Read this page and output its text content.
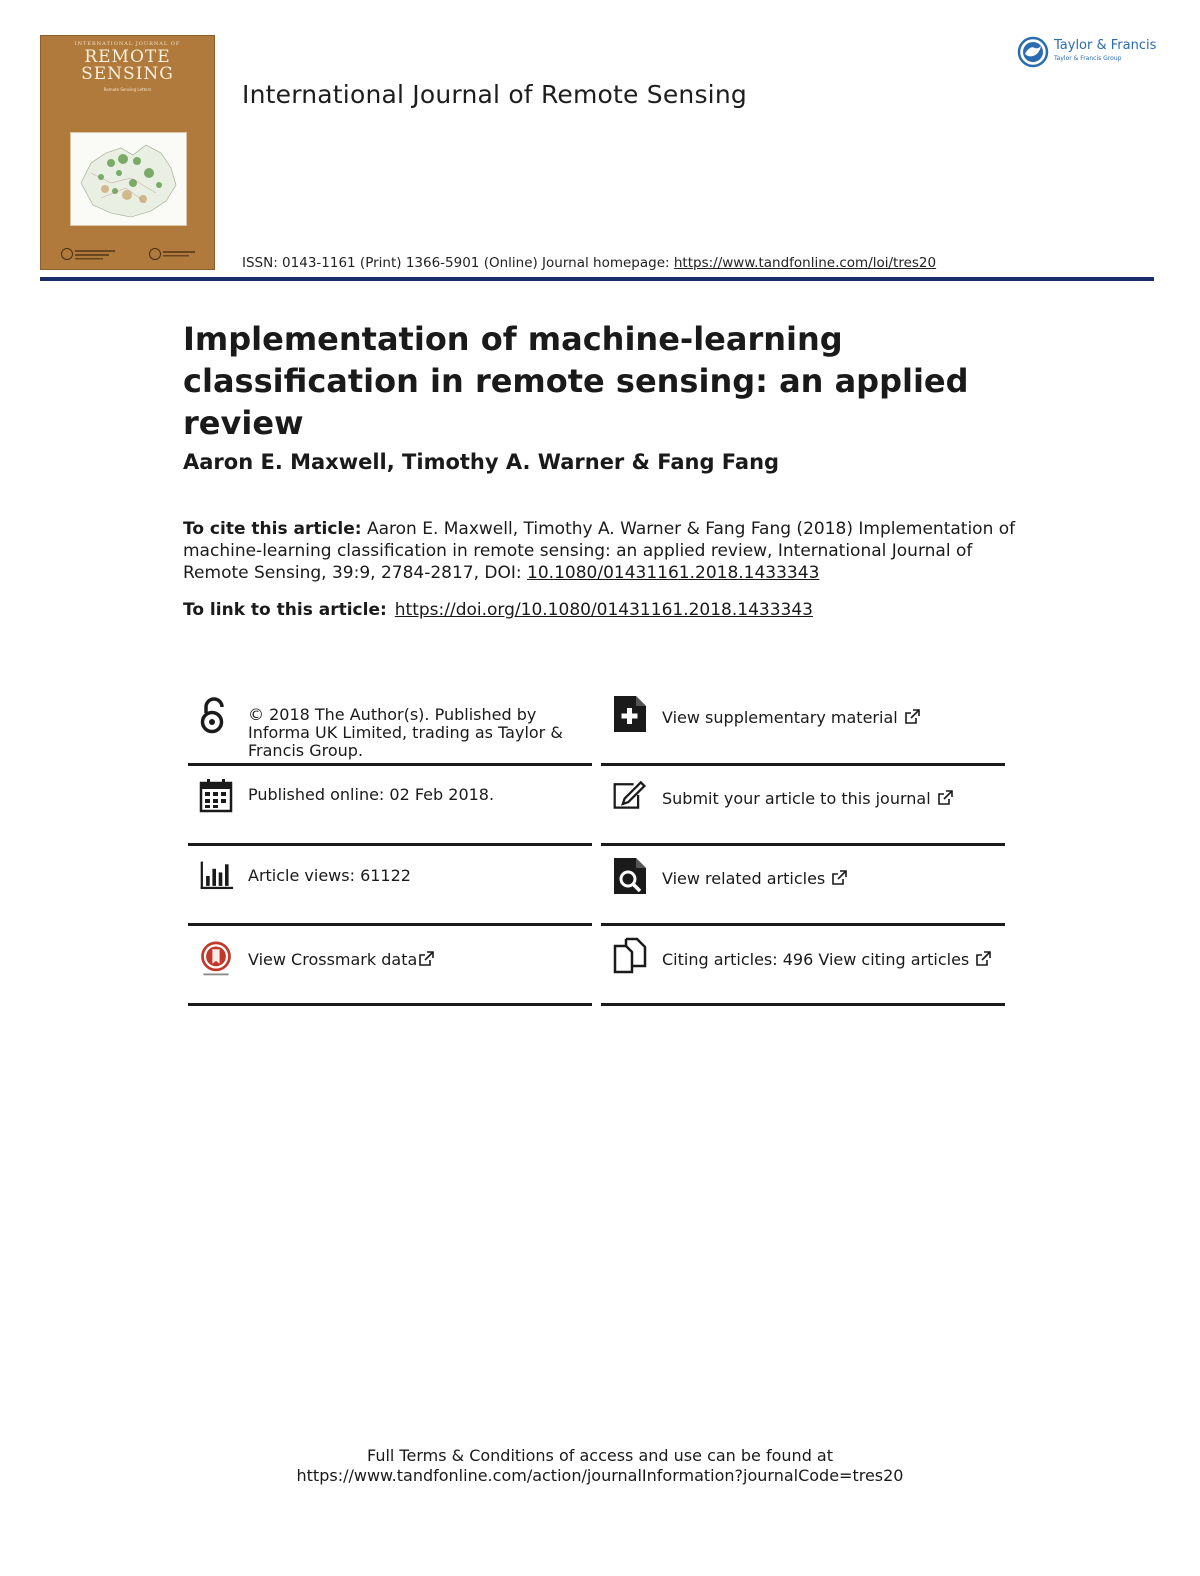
INTERNATIONAL JOURNAL OF
REMOTE
SENSING
Remote Sensing Letters	International Journal of Remote Sensing
Taylor & Francis
Taylor & Francis Group
ISSN: 0143-1161 (Print) 1366-5901 (Online) Journal homepage: https://www.tandfonline.com/loi/tres20
Implementation of machine-learning classification in remote sensing: an applied review
Aaron E. Maxwell, Timothy A. Warner & Fang Fang
To cite this article: Aaron E. Maxwell, Timothy A. Warner & Fang Fang (2018) Implementation of machine-learning classification in remote sensing: an applied review, International Journal of Remote Sensing, 39:9, 2784-2817, DOI: 10.1080/01431161.2018.1433343
To link to this article: https://doi.org/10.1080/01431161.2018.1433343
© 2018 The Author(s). Published by Informa UK Limited, trading as Taylor & Francis Group.
Published online: 02 Feb 2018.
Article views: 61122
View Crossmark data
View supplementary material
Submit your article to this journal
View related articles
Citing articles: 496 View citing articles
Full Terms & Conditions of access and use can be found at
https://www.tandfonline.com/action/journalInformation?journalCode=tres20
